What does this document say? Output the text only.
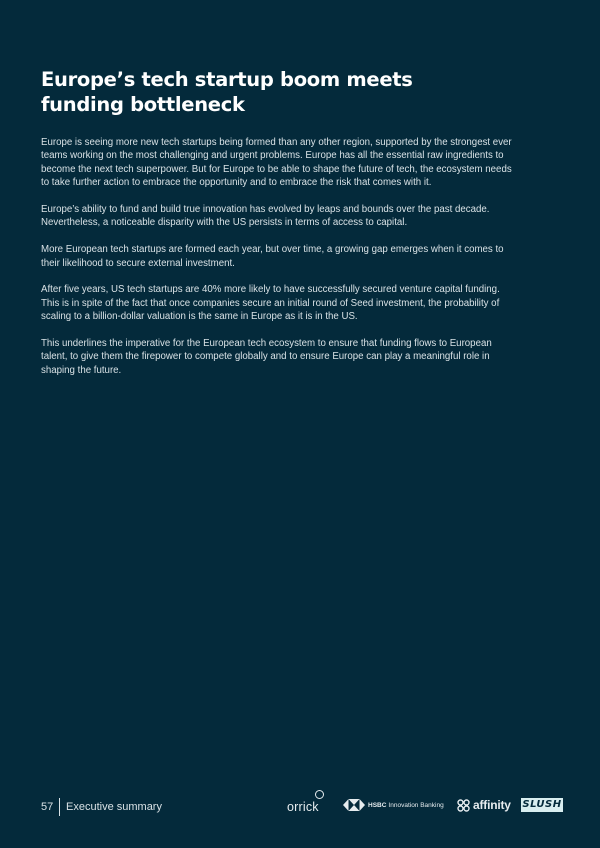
Europe’s tech startup boom meets funding bottleneck

Europe is seeing more new tech startups being formed than any other region, supported by the strongest ever teams working on the most challenging and urgent problems. Europe has all the essential raw ingredients to become the next tech superpower. But for Europe to be able to shape the future of tech, the ecosystem needs to take further action to embrace the opportunity and to embrace the risk that comes with it.

Europe’s ability to fund and build true innovation has evolved by leaps and bounds over the past decade. Nevertheless, a noticeable disparity with the US persists in terms of access to capital.

More European tech startups are formed each year, but over time, a growing gap emerges when it comes to their likelihood to secure external investment.

After five years, US tech startups are 40% more likely to have successfully secured venture capital funding. This is in spite of the fact that once companies secure an initial round of Seed investment, the probability of scaling to a billion-dollar valuation is the same in Europe as it is in the US.

This underlines the imperative for the European tech ecosystem to ensure that funding flows to European talent, to give them the firepower to compete globally and to ensure Europe can play a meaningful role in shaping the future.

57 Executive summary	orrick	HSBC Innovation Banking affinity SLUSH
